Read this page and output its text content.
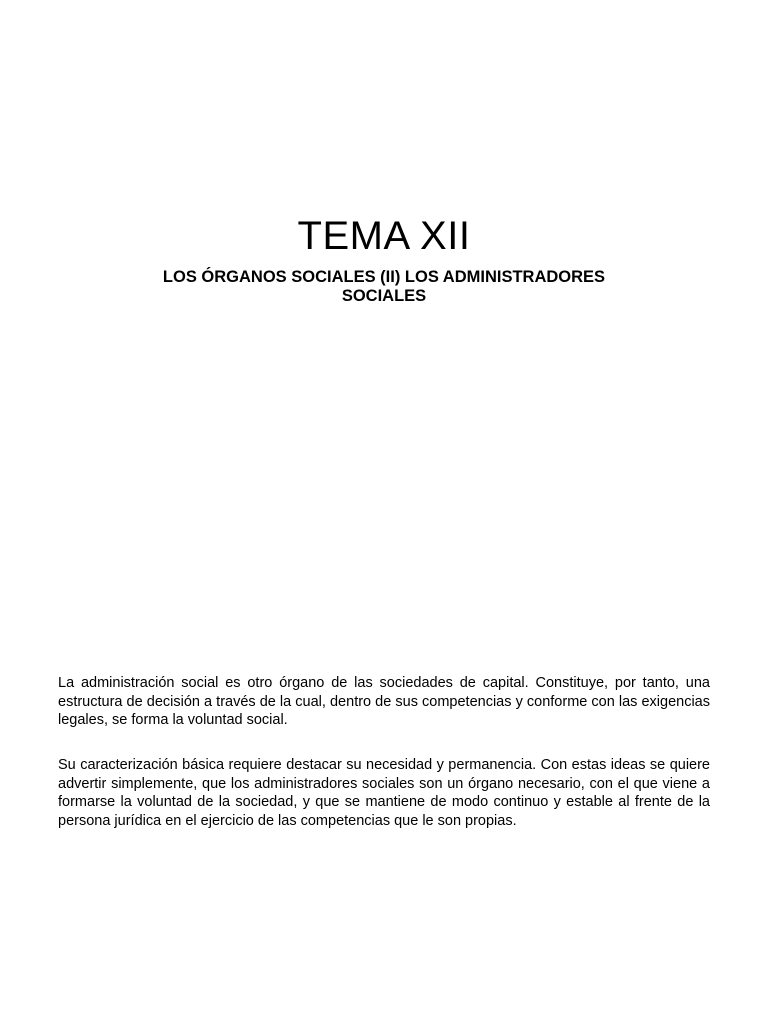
TEMA XII
LOS ÓRGANOS SOCIALES (II) LOS ADMINISTRADORES
SOCIALES

La administración social es otro órgano de las sociedades de capital. Constituye, por tanto, una estructura de decisión a través de la cual, dentro de sus competencias y conforme con las exigencias legales, se forma la voluntad social.

Su caracterización básica requiere destacar su necesidad y permanencia. Con estas ideas se quiere advertir simplemente, que los administradores sociales son un órgano necesario, con el que viene a formarse la voluntad de la sociedad, y que se mantiene de modo continuo y estable al frente de la persona jurídica en el ejercicio de las competencias que le son propias.
